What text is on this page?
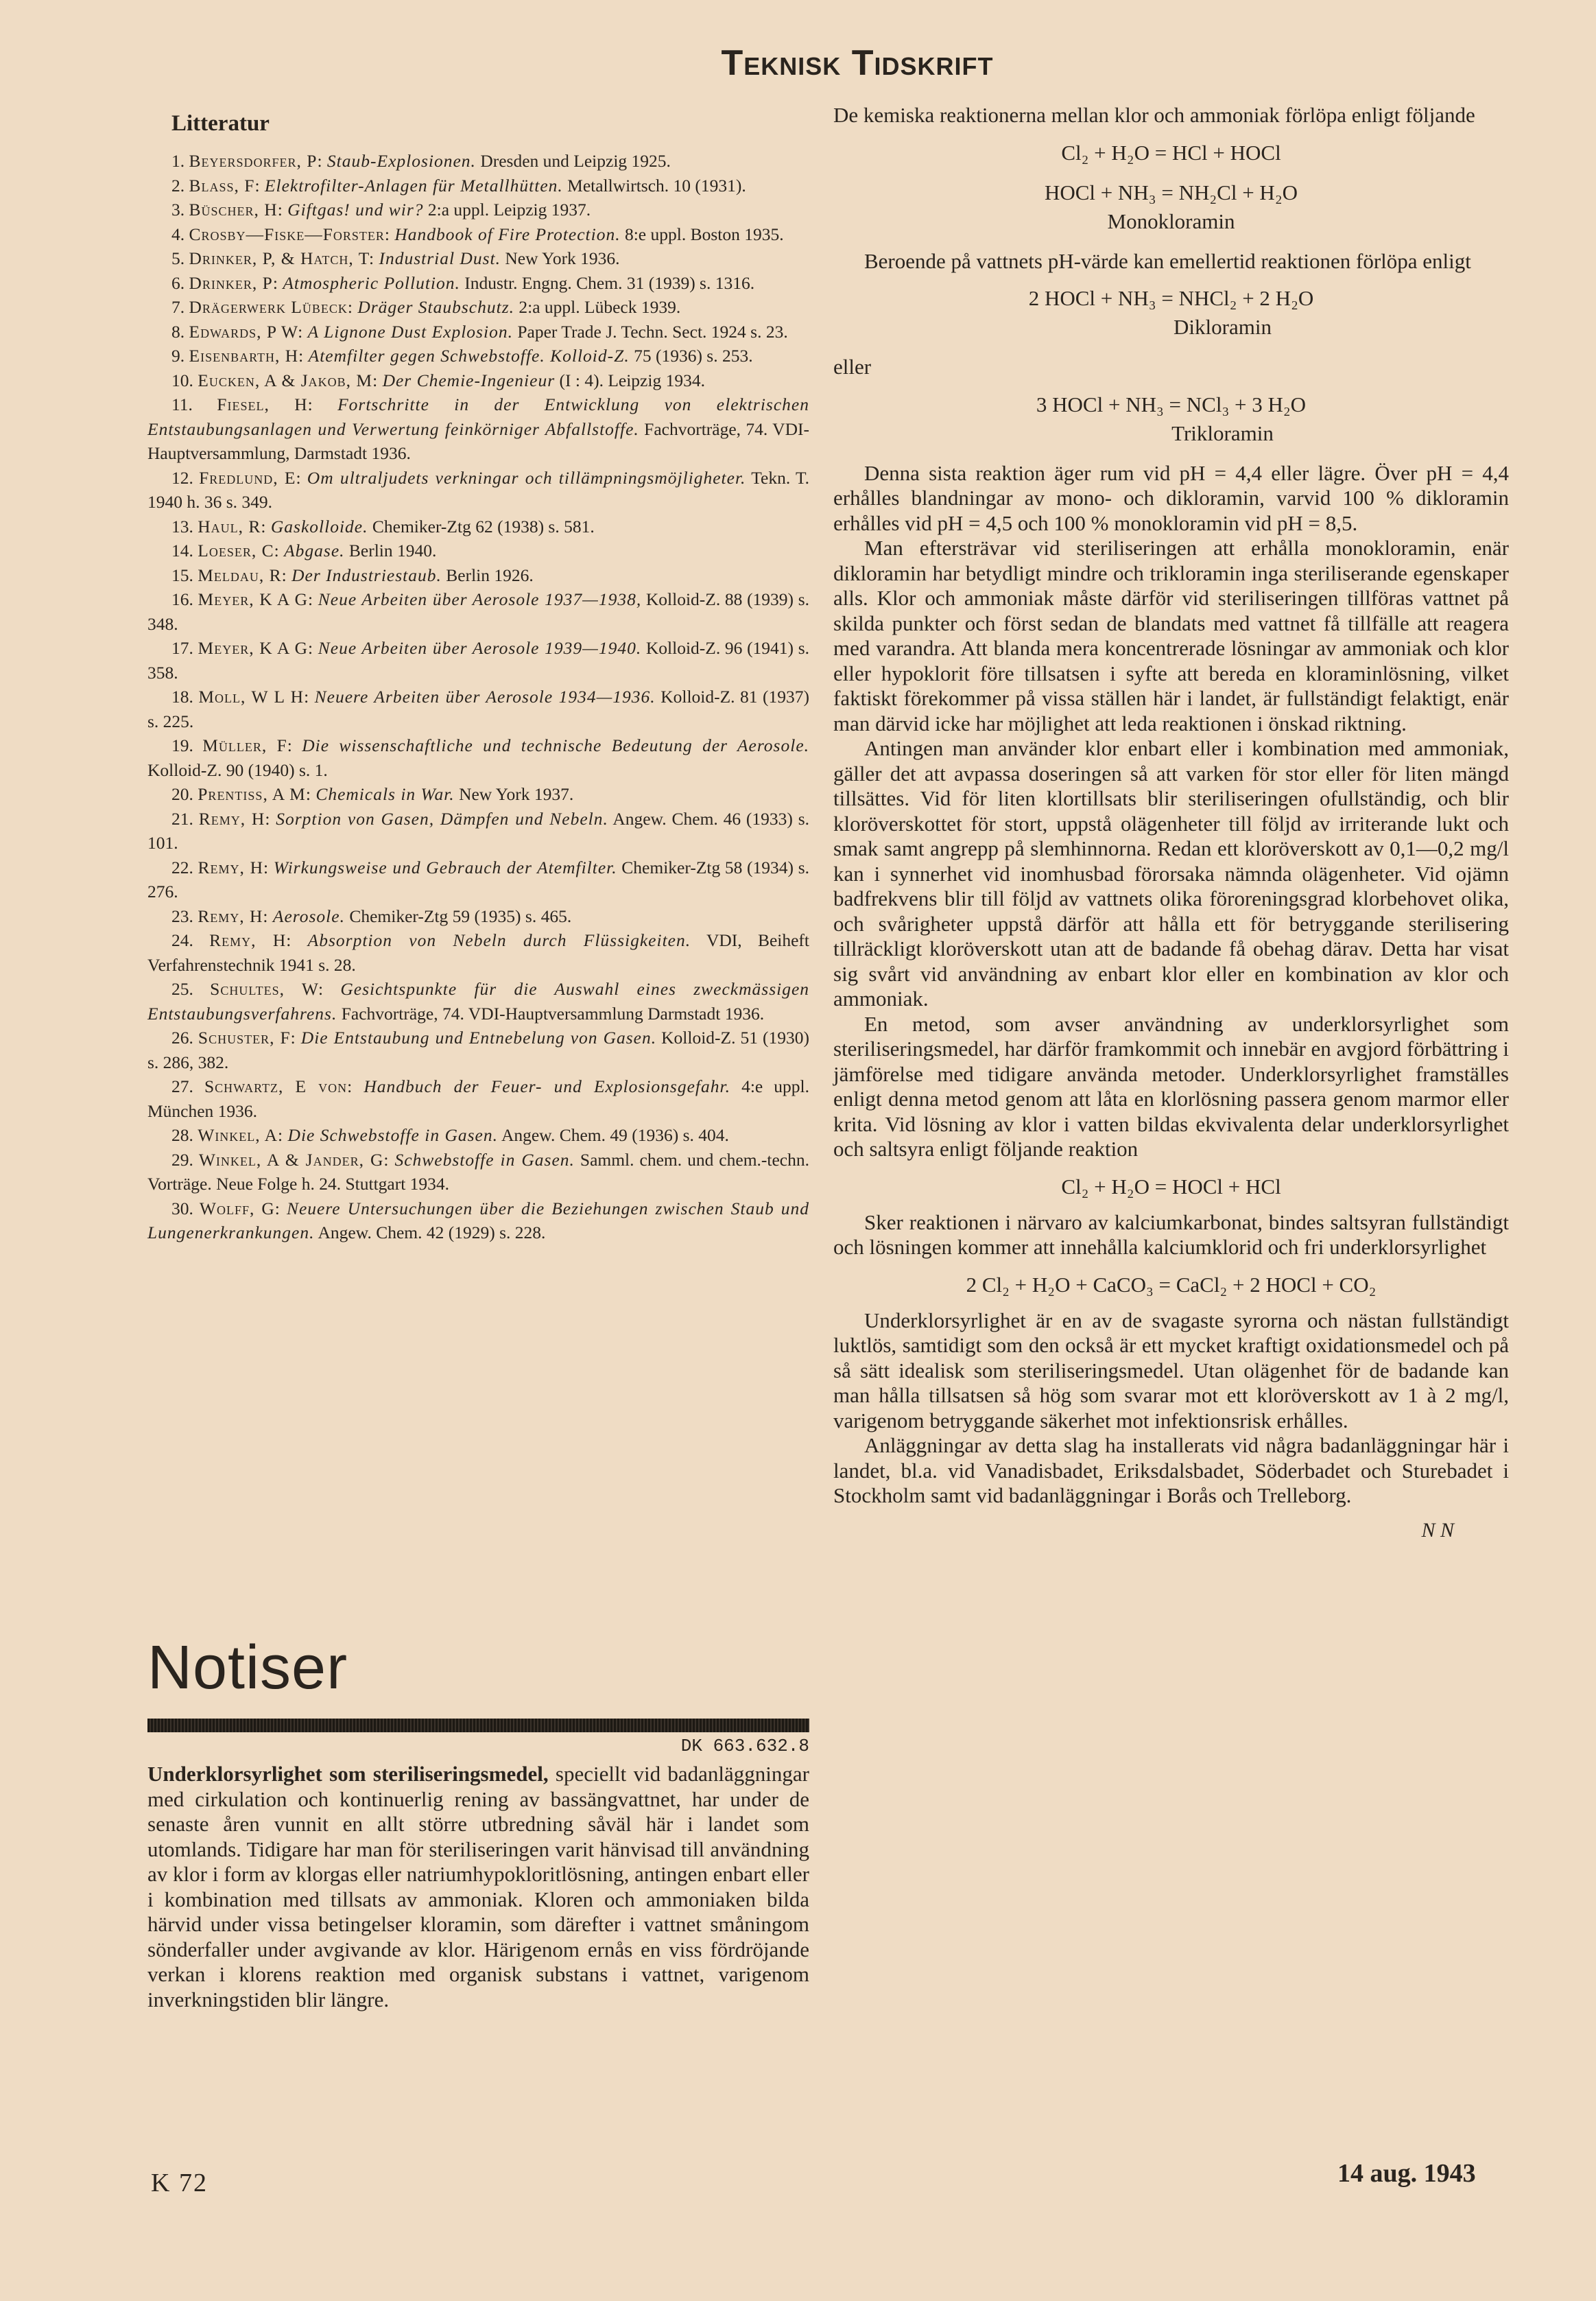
Teknisk Tidskrift
Litteratur

1. Beyersdorfer, P: Staub-Explosionen. Dresden und Leipzig 1925.

2. Blass, F: Elektrofilter-Anlagen für Metallhütten. Metallwirtsch. 10 (1931).

3. Büscher, H: Giftgas! und wir? 2:a uppl. Leipzig 1937.

4. Crosby—Fiske—Forster: Handbook of Fire Protection. 8:e uppl. Boston 1935.

5. Drinker, P, & Hatch, T: Industrial Dust. New York 1936.

6. Drinker, P: Atmospheric Pollution. Industr. Engng. Chem. 31 (1939) s. 1316.

7. Drägerwerk Lübeck: Dräger Staubschutz. 2:a uppl. Lübeck 1939.

8. Edwards, P W: A Lignone Dust Explosion. Paper Trade J. Techn. Sect. 1924 s. 23.

9. Eisenbarth, H: Atemfilter gegen Schwebstoffe. Kolloid-Z. 75 (1936) s. 253.

10. Eucken, A & Jakob, M: Der Chemie-Ingenieur (I : 4). Leipzig 1934.

11. Fiesel, H: Fortschritte in der Entwicklung von elektrischen Entstaubungsanlagen und Verwertung feinkörniger Abfallstoffe. Fachvorträge, 74. VDI-Hauptversammlung, Darmstadt 1936.

12. Fredlund, E: Om ultraljudets verkningar och tillämpningsmöjligheter. Tekn. T. 1940 h. 36 s. 349.

13. Haul, R: Gaskolloide. Chemiker-Ztg 62 (1938) s. 581.

14. Loeser, C: Abgase. Berlin 1940.

15. Meldau, R: Der Industriestaub. Berlin 1926.

16. Meyer, K A G: Neue Arbeiten über Aerosole 1937—1938, Kolloid-Z. 88 (1939) s. 348.

17. Meyer, K A G: Neue Arbeiten über Aerosole 1939—1940. Kolloid-Z. 96 (1941) s. 358.

18. Moll, W L H: Neuere Arbeiten über Aerosole 1934—1936. Kolloid-Z. 81 (1937) s. 225.

19. Müller, F: Die wissenschaftliche und technische Bedeutung der Aerosole. Kolloid-Z. 90 (1940) s. 1.

20. Prentiss, A M: Chemicals in War. New York 1937.

21. Remy, H: Sorption von Gasen, Dämpfen und Nebeln. Angew. Chem. 46 (1933) s. 101.

22. Remy, H: Wirkungsweise und Gebrauch der Atemfilter. Chemiker-Ztg 58 (1934) s. 276.

23. Remy, H: Aerosole. Chemiker-Ztg 59 (1935) s. 465.

24. Remy, H: Absorption von Nebeln durch Flüssigkeiten. VDI, Beiheft Verfahrenstechnik 1941 s. 28.

25. Schultes, W: Gesichtspunkte für die Auswahl eines zweckmässigen Entstaubungsverfahrens. Fachvorträge, 74. VDI-Hauptversammlung Darmstadt 1936.

26. Schuster, F: Die Entstaubung und Entnebelung von Gasen. Kolloid-Z. 51 (1930) s. 286, 382.

27. Schwartz, E von: Handbuch der Feuer- und Explosionsgefahr. 4:e uppl. München 1936.

28. Winkel, A: Die Schwebstoffe in Gasen. Angew. Chem. 49 (1936) s. 404.

29. Winkel, A & Jander, G: Schwebstoffe in Gasen. Samml. chem. und chem.-techn. Vorträge. Neue Folge h. 24. Stuttgart 1934.

30. Wolff, G: Neuere Untersuchungen über die Beziehungen zwischen Staub und Lungenerkrankungen. Angew. Chem. 42 (1929) s. 228.

Notiser
DK 663.632.8

Underklorsyrlighet som steriliseringsmedel, speciellt vid badanläggningar med cirkulation och kontinuerlig rening av bassängvattnet, har under de senaste åren vunnit en allt större utbredning såväl här i landet som utomlands. Tidigare har man för steriliseringen varit hänvisad till användning av klor i form av klorgas eller natriumhypokloritlösning, antingen enbart eller i kombination med tillsats av ammoniak. Kloren och ammoniaken bilda härvid under vissa betingelser kloramin, som därefter i vattnet småningom sönderfaller under avgivande av klor. Härigenom ernås en viss fördröjande verkan i klorens reaktion med organisk substans i vattnet, varigenom inverkningstiden blir längre.

De kemiska reaktionerna mellan klor och ammoniak förlöpa enligt följande

Cl₂ + H₂O = HCl + HOCl
HOCl + NH₃ = NH₂Cl + H₂O
Monokloramin

Beroende på vattnets pH-värde kan emellertid reaktionen förlöpa enligt

2 HOCl + NH₃ = NHCl₂ + 2 H₂O
Dikloramin

eller

3 HOCl + NH₃ = NCl₃ + 3 H₂O
Trikloramin

Denna sista reaktion äger rum vid pH = 4,4 eller lägre. Över pH = 4,4 erhålles blandningar av mono- och dikloramin, varvid 100 % dikloramin erhålles vid pH = 4,5 och 100 % monokloramin vid pH = 8,5.

Man eftersträvar vid steriliseringen att erhålla monokloramin, enär dikloramin har betydligt mindre och trikloramin inga steriliserande egenskaper alls. Klor och ammoniak måste därför vid steriliseringen tillföras vattnet på skilda punkter och först sedan de blandats med vattnet få tillfälle att reagera med varandra. Att blanda mera koncentrerade lösningar av ammoniak och klor eller hypoklorit före tillsatsen i syfte att bereda en kloraminlösning, vilket faktiskt förekommer på vissa ställen här i landet, är fullständigt felaktigt, enär man därvid icke har möjlighet att leda reaktionen i önskad riktning.

Antingen man använder klor enbart eller i kombination med ammoniak, gäller det att avpassa doseringen så att varken för stor eller för liten mängd tillsättes. Vid för liten klortillsats blir steriliseringen ofullständig, och blir kloröverskottet för stort, uppstå olägenheter till följd av irriterande lukt och smak samt angrepp på slemhinnorna. Redan ett kloröverskott av 0,1—0,2 mg/l kan i synnerhet vid inomhusbad förorsaka nämnda olägenheter. Vid ojämn badfrekvens blir till följd av vattnets olika föroreningsgrad klorbehovet olika, och svårigheter uppstå därför att hålla ett för betryggande sterilisering tillräckligt kloröverskott utan att de badande få obehag därav. Detta har visat sig svårt vid användning av enbart klor eller en kombination av klor och ammoniak.

En metod, som avser användning av underklorsyrlighet som steriliseringsmedel, har därför framkommit och innebär en avgjord förbättring i jämförelse med tidigare använda metoder. Underklorsyrlighet framställes enligt denna metod genom att låta en klorlösning passera genom marmor eller krita. Vid lösning av klor i vatten bildas ekvivalenta delar underklorsyrlighet och saltsyra enligt följande reaktion

Cl₂ + H₂O = HOCl + HCl

Sker reaktionen i närvaro av kalciumkarbonat, bindes saltsyran fullständigt och lösningen kommer att innehålla kalciumklorid och fri underklorsyrlighet

2 Cl₂ + H₂O + CaCO₃ = CaCl₂ + 2 HOCl + CO₂

Underklorsyrlighet är en av de svagaste syrorna och nästan fullständigt luktlös, samtidigt som den också är ett mycket kraftigt oxidationsmedel och på så sätt idealisk som steriliseringsmedel. Utan olägenhet för de badande kan man hålla tillsatsen så hög som svarar mot ett kloröverskott av 1 à 2 mg/l, varigenom betryggande säkerhet mot infektionsrisk erhålles.

Anläggningar av detta slag ha installerats vid några badanläggningar här i landet, bl.a. vid Vanadisbadet, Eriksdalsbadet, Söderbadet och Sturebadet i Stockholm samt vid badanläggningar i Borås och Trelleborg.

N N
K 72	14 aug. 1943
